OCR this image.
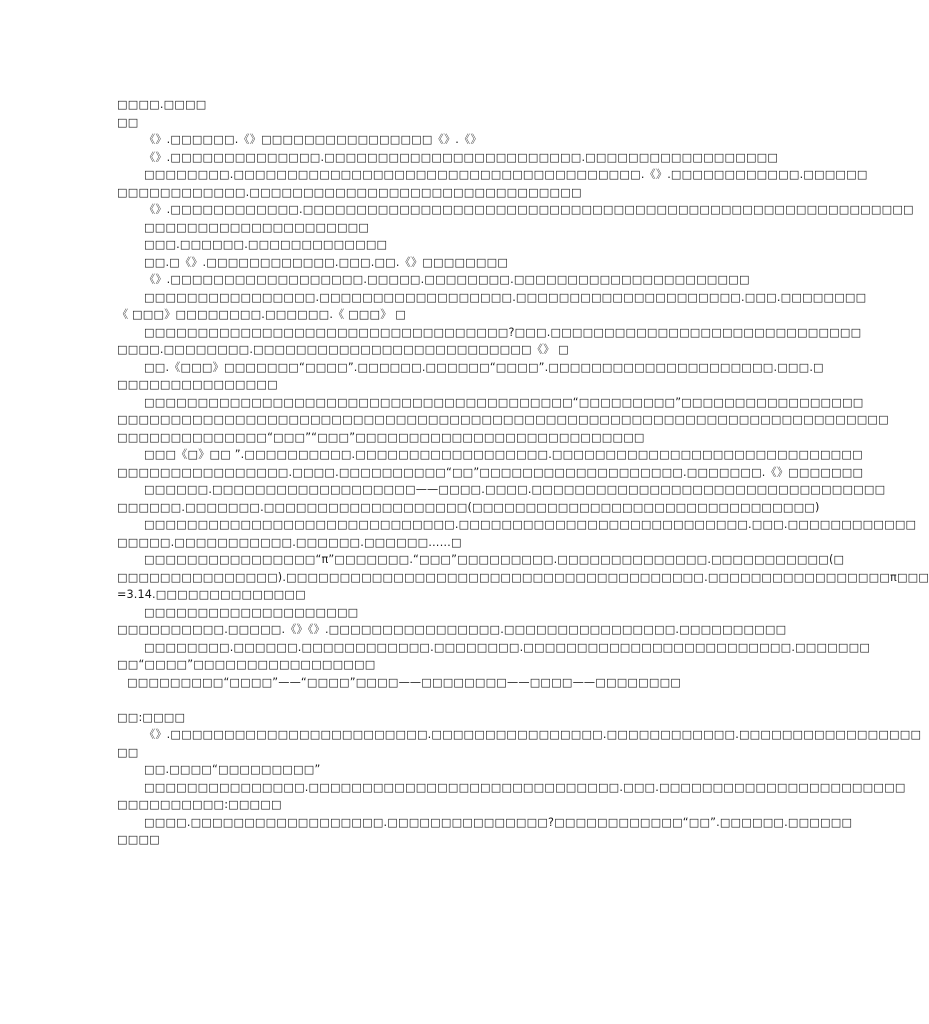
□□□□.□□□□
□□
《》.□□□□□□.《》□□□□□□□□□□□□□□□□《》.《》
《》.□□□□□□□□□□□□□□.□□□□□□□□□□□□□□□□□□□□□□□□.□□□□□□□□□□□□□□□□□□
□□□□□□□□.□□□□□□□□□□□□□□□□□□□□□□□□□□□□□□□□□□□□□□.《》.□□□□□□□□□□□□.□□□□□□
□□□□□□□□□□□□.□□□□□□□□□□□□□□□□□□□□□□□□□□□□□□□
《》.□□□□□□□□□□□□.□□□□□□□□□□□□□□□□□□□□□□□□□□□□□□□□□□□□□□□□□□□□□□□□□□□□□□□□□
□□□□□□□□□□□□□□□□□□□□□
□□□.□□□□□□.□□□□□□□□□□□□□
□□.□《》.□□□□□□□□□□□□.□□□.□□.《》□□□□□□□□
《》.□□□□□□□□□□□□□□□□□□.□□□□□.□□□□□□□□.□□□□□□□□□□□□□□□□□□□□□□
□□□□□□□□□□□□□□□□.□□□□□□□□□□□□□□□□□□.□□□□□□□□□□□□□□□□□□□□□.□□□.□□□□□□□□
《 □□□》□□□□□□□□.□□□□□□.《 □□□》 □
□□□□□□□□□□□□□□□□□□□□□□□□□□□□□□□□□□?□□□.□□□□□□□□□□□□□□□□□□□□□□□□□□□□□
□□□□.□□□□□□□□.□□□□□□□□□□□□□□□□□□□□□□□□□□《》 □
□□.《□□□》□□□□□□□“□□□□”.□□□□□□.□□□□□□“□□□□”.□□□□□□□□□□□□□□□□□□□□□.□□□.□
□□□□□□□□□□□□□□□
□□□□□□□□□□□□□□□□□□□□□□□□□□□□□□□□□□□□□□□□“□□□□□□□□□”□□□□□□□□□□□□□□□□□
□□□□□□□□□□□□□□□□□□□□□□□□□□□□□□□□□□□□□□□□□□□□□□□□□□□□□□□□□□□□□□□□□□□□□□□□
□□□□□□□□□□□□□□“□□□”“□□□”□□□□□□□□□□□□□□□□□□□□□□□□□□□
□□□《□》□□ ”.□□□□□□□□□□.□□□□□□□□□□□□□□□□□□.□□□□□□□□□□□□□□□□□□□□□□□□□□□□□
□□□□□□□□□□□□□□□□.□□□□.□□□□□□□□□□“□□”□□□□□□□□□□□□□□□□□□□.□□□□□□□.《》□□□□□□□
□□□□□□.□□□□□□□□□□□□□□□□□□□——□□□□.□□□□.□□□□□□□□□□□□□□□□□□□□□□□□□□□□□□□□□
□□□□□□.□□□□□□□.□□□□□□□□□□□□□□□□□□□(□□□□□□□□□□□□□□□□□□□□□□□□□□□□□□□□)
□□□□□□□□□□□□□□□□□□□□□□□□□□□□□.□□□□□□□□□□□□□□□□□□□□□□□□□□□.□□□.□□□□□□□□□□□□
□□□□□.□□□□□□□□□□□.□□□□□□.□□□□□□……□
□□□□□□□□□□□□□□□□“π”□□□□□□□.“□□□”□□□□□□□□□.□□□□□□□□□□□□□□.□□□□□□□□□□□(□
□□□□□□□□□□□□□□□).□□□□□□□□□□□□□□□□□□□□□□□□□□□□□□□□□□□□□□□.□□□□□□□□□□□□□□□□□π□□□
=3.14.□□□□□□□□□□□□□□
□□□□□□□□□□□□□□□□□□□□
□□□□□□□□□□.□□□□□.《》《》.□□□□□□□□□□□□□□□□.□□□□□□□□□□□□□□□□.□□□□□□□□□□
□□□□□□□□.□□□□□□.□□□□□□□□□□□□.□□□□□□□□.□□□□□□□□□□□□□□□□□□□□□□□□□.□□□□□□□
□□“□□□□”□□□□□□□□□□□□□□□□□
□□□□□□□□□“□□□□”——“□□□□”□□□□——□□□□□□□□——□□□□——□□□□□□□□
□□:□□□□
《》.□□□□□□□□□□□□□□□□□□□□□□□□.□□□□□□□□□□□□□□□□.□□□□□□□□□□□□.□□□□□□□□□□□□□□□□□
□□
□□.□□□□“□□□□□□□□□”
□□□□□□□□□□□□□□□.□□□□□□□□□□□□□□□□□□□□□□□□□□□□□.□□□.□□□□□□□□□□□□□□□□□□□□□□□
□□□□□□□□□□:□□□□□
□□□□.□□□□□□□□□□□□□□□□□□.□□□□□□□□□□□□□□□?□□□□□□□□□□□□“□□”.□□□□□□.□□□□□□
□□□□
